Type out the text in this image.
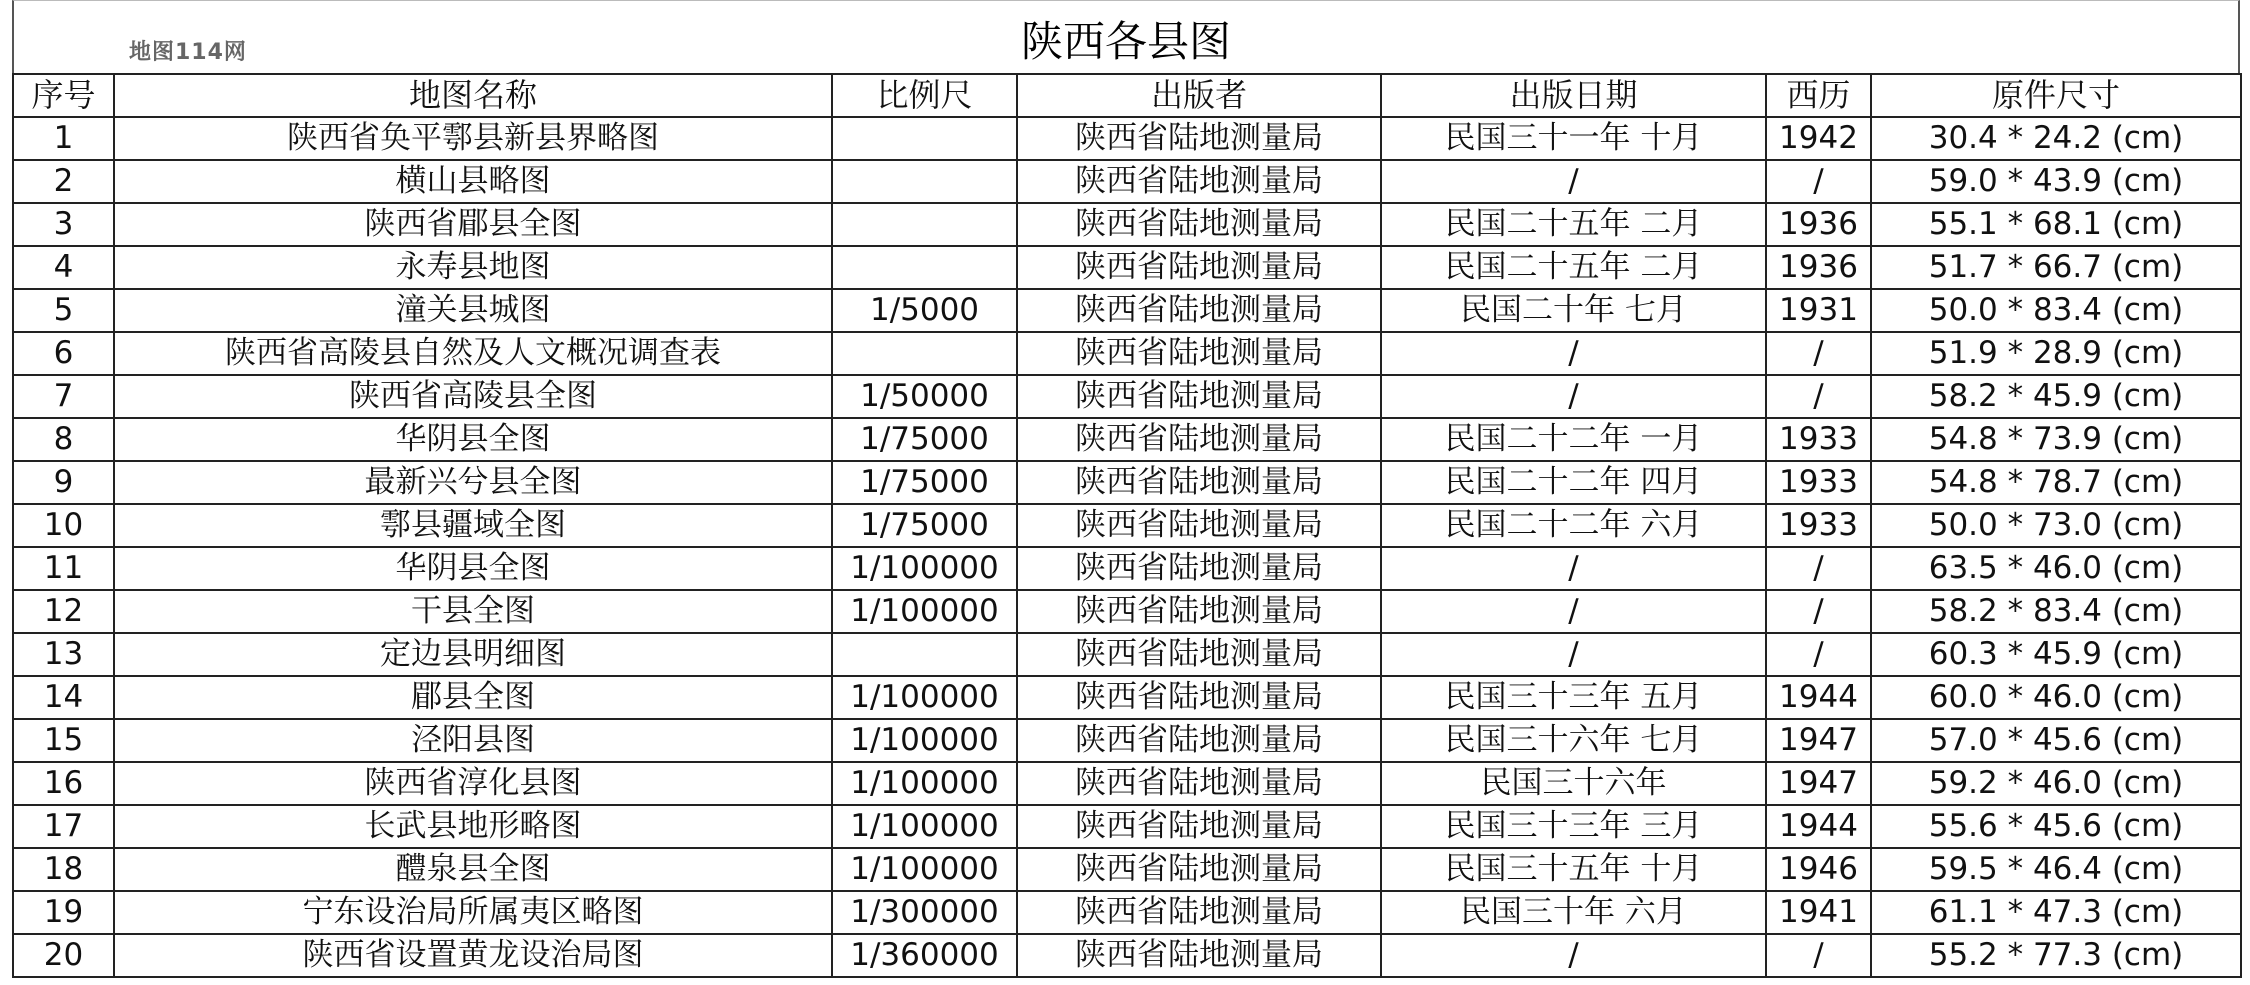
地图114网	陕西各县图
序号	地图名称	比例尺	出版者	出版日期	西历	原件尺寸
1	陕西省奂平鄠县新县界略图		陕西省陆地测量局	民国三十一年 十月	1942	30.4 * 24.2 (cm)
2	横山县略图		陕西省陆地测量局	/	/	59.0 * 43.9 (cm)
3	陕西省郿县全图		陕西省陆地测量局	民国二十五年 二月	1936	55.1 * 68.1 (cm)
4	永寿县地图		陕西省陆地测量局	民国二十五年 二月	1936	51.7 * 66.7 (cm)
5	潼关县城图	1/5000	陕西省陆地测量局	民国二十年 七月	1931	50.0 * 83.4 (cm)
6	陕西省高陵县自然及人文概况调查表		陕西省陆地测量局	/	/	51.9 * 28.9 (cm)
7	陕西省高陵县全图	1/50000	陕西省陆地测量局	/	/	58.2 * 45.9 (cm)
8	华阴县全图	1/75000	陕西省陆地测量局	民国二十二年 一月	1933	54.8 * 73.9 (cm)
9	最新兴兮县全图	1/75000	陕西省陆地测量局	民国二十二年 四月	1933	54.8 * 78.7 (cm)
10	鄠县疆域全图	1/75000	陕西省陆地测量局	民国二十二年 六月	1933	50.0 * 73.0 (cm)
11	华阴县全图	1/100000	陕西省陆地测量局	/	/	63.5 * 46.0 (cm)
12	干县全图	1/100000	陕西省陆地测量局	/	/	58.2 * 83.4 (cm)
13	定边县明细图		陕西省陆地测量局	/	/	60.3 * 45.9 (cm)
14	郿县全图	1/100000	陕西省陆地测量局	民国三十三年 五月	1944	60.0 * 46.0 (cm)
15	泾阳县图	1/100000	陕西省陆地测量局	民国三十六年 七月	1947	57.0 * 45.6 (cm)
16	陕西省淳化县图	1/100000	陕西省陆地测量局	民国三十六年	1947	59.2 * 46.0 (cm)
17	长武县地形略图	1/100000	陕西省陆地测量局	民国三十三年 三月	1944	55.6 * 45.6 (cm)
18	醴泉县全图	1/100000	陕西省陆地测量局	民国三十五年 十月	1946	59.5 * 46.4 (cm)
19	宁东设治局所属夷区略图	1/300000	陕西省陆地测量局	民国三十年 六月	1941	61.1 * 47.3 (cm)
20	陕西省设置黄龙设治局图	1/360000	陕西省陆地测量局	/	/	55.2 * 77.3 (cm)
